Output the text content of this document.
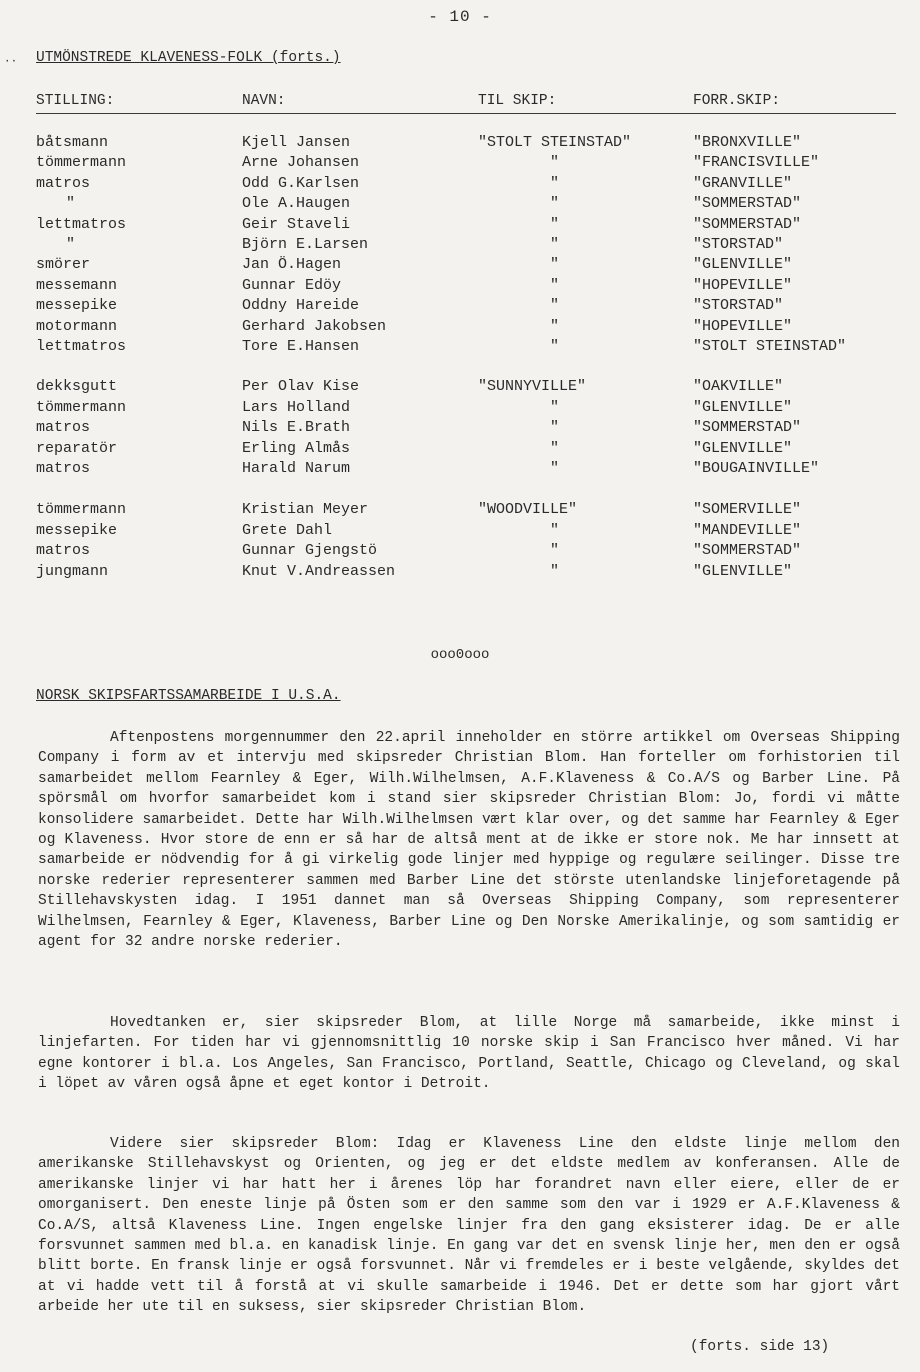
- 10 -
·· UTMÖNSTREDE KLAVENESS-FOLK (forts.)
STILLING:	NAVN:	TIL SKIP:	FORR.SKIP:
båtsmann	Kjell Jansen	"STOLT STEINSTAD"	"BRONXVILLE"
tömmermann	Arne Johansen	"	"FRANCISVILLE"
matros	Odd G.Karlsen	"	"GRANVILLE"
"	Ole A.Haugen	"	"SOMMERSTAD"
lettmatros	Geir Staveli	"	"SOMMERSTAD"
"	Björn E.Larsen	"	"STORSTAD"
smörer	Jan Ö.Hagen	"	"GLENVILLE"
messemann	Gunnar Edöy	"	"HOPEVILLE"
messepike	Oddny Hareide	"	"STORSTAD"
motormann	Gerhard Jakobsen	"	"HOPEVILLE"
lettmatros	Tore E.Hansen	"	"STOLT STEINSTAD"
dekksgutt	Per Olav Kise	"SUNNYVILLE"	"OAKVILLE"
tömmermann	Lars Holland	"	"GLENVILLE"
matros	Nils E.Brath	"	"SOMMERSTAD"
reparatör	Erling Almås	"	"GLENVILLE"
matros	Harald Narum	"	"BOUGAINVILLE"
tömmermann	Kristian Meyer	"WOODVILLE"	"SOMERVILLE"
messepike	Grete Dahl	"	"MANDEVILLE"
matros	Gunnar Gjengstö	"	"SOMMERSTAD"
jungmann	Knut V.Andreassen	"	"GLENVILLE"
ooo0ooo
NORSK SKIPSFARTSSAMARBEIDE I U.S.A.

Aftenpostens morgennummer den 22.april inneholder en större artikkel om Overseas Shipping Company i form av et intervju med skipsreder Christian Blom. Han forteller om forhistorien til samarbeidet mellom Fearnley & Eger, Wilh.Wilhelmsen, A.F.Klaveness & Co.A/S og Barber Line. På spörsmål om hvorfor samarbeidet kom i stand sier skipsreder Christian Blom: Jo, fordi vi måtte konsolidere samarbeidet. Dette har Wilh.Wilhelmsen vært klar over, og det samme har Fearnley & Eger og Klaveness. Hvor store de enn er så har de altså ment at de ikke er store nok. Me har innsett at samarbeide er nödvendig for å gi virkelig gode linjer med hyppige og regulære seilinger. Disse tre norske rederier representerer sammen med Barber Line det störste utenlandske linjeforetagende på Stillehavskysten idag. I 1951 dannet man så Overseas Shipping Company, som representerer Wilhelmsen, Fearnley & Eger, Klaveness, Barber Line og Den Norske Amerikalinje, og som samtidig er agent for 32 andre norske rederier.

Hovedtanken er, sier skipsreder Blom, at lille Norge må samarbeide, ikke minst i linjefarten. For tiden har vi gjennomsnittlig 10 norske skip i San Francisco hver måned. Vi har egne kontorer i bl.a. Los Angeles, San Francisco, Portland, Seattle, Chicago og Cleveland, og skal i löpet av våren også åpne et eget kontor i Detroit.

Videre sier skipsreder Blom: Idag er Klaveness Line den eldste linje mellom den amerikanske Stillehavskyst og Orienten, og jeg er det eldste medlem av konferansen. Alle de amerikanske linjer vi har hatt her i årenes löp har forandret navn eller eiere, eller de er omorganisert. Den eneste linje på Östen som er den samme som den var i 1929 er A.F.Klaveness & Co.A/S, altså Klaveness Line. Ingen engelske linjer fra den gang eksisterer idag. De er alle forsvunnet sammen med bl.a. en kanadisk linje. En gang var det en svensk linje her, men den er også blitt borte. En fransk linje er også forsvunnet. Når vi fremdeles er i beste velgående, skyldes det at vi hadde vett til å forstå at vi skulle samarbeide i 1946. Det er dette som har gjort vårt arbeide her ute til en suksess, sier skipsreder Christian Blom.

(forts. side 13)
